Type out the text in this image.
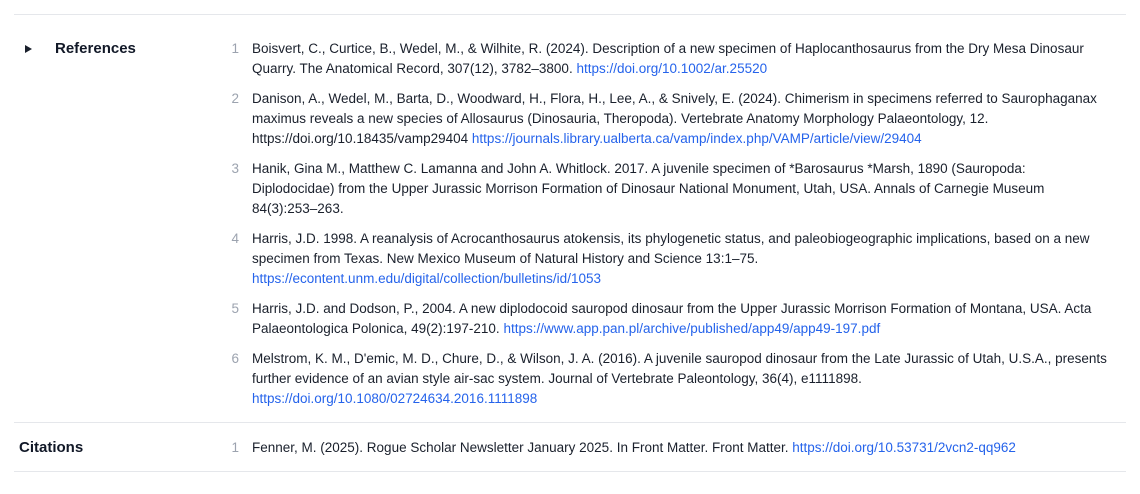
References	1 Boisvert, C., Curtice, B., Wedel, M., & Wilhite, R. (2024). Description of a new specimen of Haplocanthosaurus from the Dry Mesa Dinosaur Quarry. The Anatomical Record, 307(12), 3782–3800. https://doi.org/10.1002/ar.25520
2 Danison, A., Wedel, M., Barta, D., Woodward, H., Flora, H., Lee, A., & Snively, E. (2024). Chimerism in specimens referred to Saurophaganax maximus reveals a new species of Allosaurus (Dinosauria, Theropoda). Vertebrate Anatomy Morphology Palaeontology, 12. https://doi.org/10.18435/vamp29404 https://journals.library.ualberta.ca/vamp/index.php/VAMP/article/view/29404
3 Hanik, Gina M., Matthew C. Lamanna and John A. Whitlock. 2017. A juvenile specimen of *Barosaurus *Marsh, 1890 (Sauropoda: Diplodocidae) from the Upper Jurassic Morrison Formation of Dinosaur National Monument, Utah, USA. Annals of Carnegie Museum 84(3):253–263.
4 Harris, J.D. 1998. A reanalysis of Acrocanthosaurus atokensis, its phylogenetic status, and paleobiogeographic implications, based on a new specimen from Texas. New Mexico Museum of Natural History and Science 13:1–75. https://econtent.unm.edu/digital/collection/bulletins/id/1053
5 Harris, J.D. and Dodson, P., 2004. A new diplodocoid sauropod dinosaur from the Upper Jurassic Morrison Formation of Montana, USA. Acta Palaeontologica Polonica, 49(2):197-210. https://www.app.pan.pl/archive/published/app49/app49-197.pdf
6 Melstrom, K. M., D'emic, M. D., Chure, D., & Wilson, J. A. (2016). A juvenile sauropod dinosaur from the Late Jurassic of Utah, U.S.A., presents further evidence of an avian style air-sac system. Journal of Vertebrate Paleontology, 36(4), e1111898. https://doi.org/10.1080/02724634.2016.1111898
Citations	1 Fenner, M. (2025). Rogue Scholar Newsletter January 2025. In Front Matter. Front Matter. https://doi.org/10.53731/2vcn2-qq962
